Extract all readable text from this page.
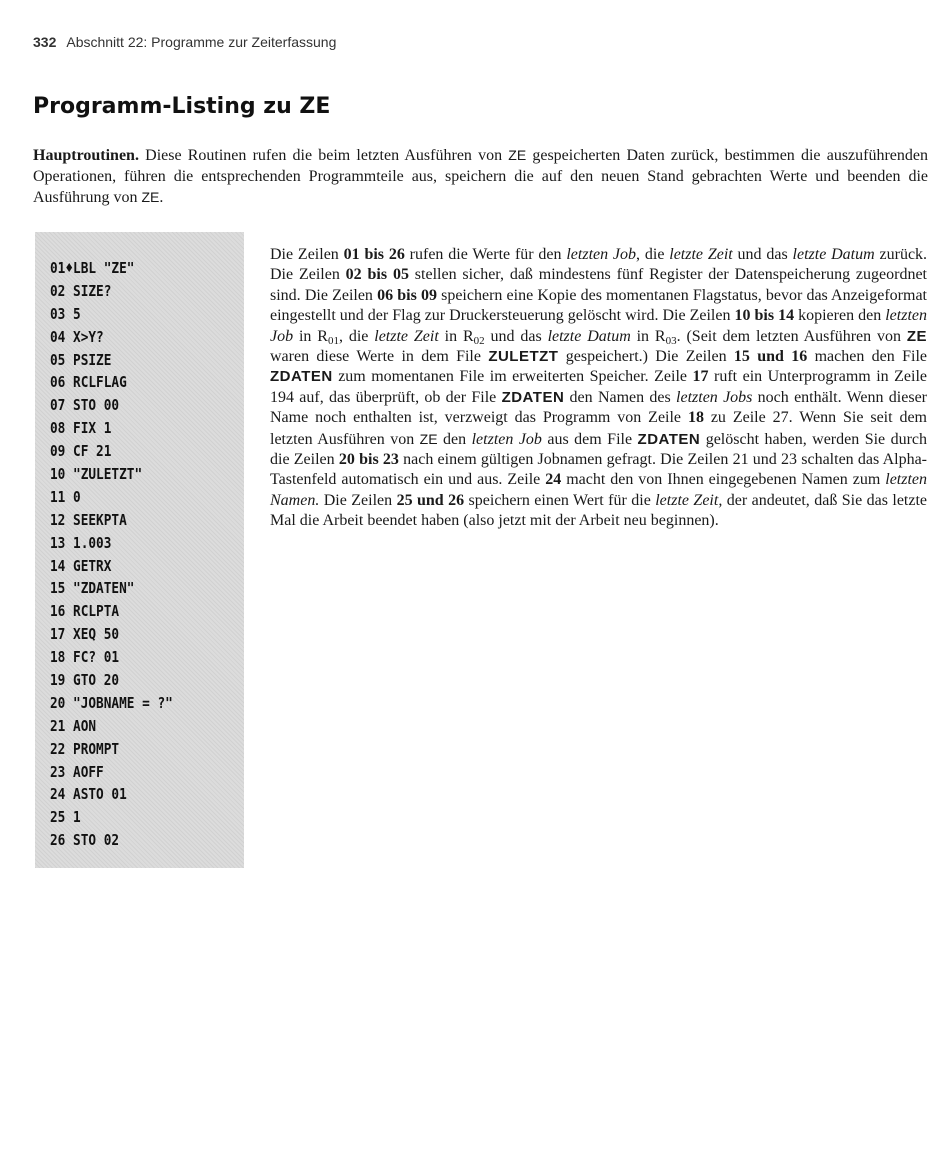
332 Abschnitt 22: Programme zur Zeiterfassung
Programm-Listing zu ZE

Hauptroutinen. Diese Routinen rufen die beim letzten Ausführen von ZE gespeicherten Daten zurück, bestimmen die auszuführenden Operationen, führen die entsprechenden Programmteile aus, speichern die auf den neuen Stand gebrachten Werte und beenden die Ausführung von ZE.

01♦LBL "ZE"
02 SIZE?
03 5
04 X>Y?
05 PSIZE
06 RCLFLAG
07 STO 00
08 FIX 1
09 CF 21
10 "ZULETZT"
11 0
12 SEEKPTA
13 1.003
14 GETRX
15 "ZDATEN"
16 RCLPTA
17 XEQ 50
18 FC? 01
19 GTO 20
20 "JOBNAME = ?"
21 AON
22 PROMPT
23 AOFF
24 ASTO 01
25 1
26 STO 02

Die Zeilen 01 bis 26 rufen die Werte für den letzten Job, die letzte Zeit und das letzte Datum zurück. Die Zeilen 02 bis 05 stellen sicher, daß mindestens fünf Register der Datenspeicherung zugeordnet sind. Die Zeilen 06 bis 09 speichern eine Kopie des momentanen Flagstatus, bevor das Anzeigeformat eingestellt und der Flag zur Druckersteuerung gelöscht wird. Die Zeilen 10 bis 14 kopieren den letzten Job in $R_{01}$, die letzte Zeit in $R_{02}$ und das letzte Datum in $R_{03}$. (Seit dem letzten Ausführen von ZE waren diese Werte in dem File ZULETZT gespeichert.) Die Zeilen 15 und 16 machen den File ZDATEN zum momentanen File im erweiterten Speicher. Zeile 17 ruft ein Unterprogramm in Zeile 194 auf, das überprüft, ob der File ZDATEN den Namen des letzten Jobs noch enthält. Wenn dieser Name noch enthalten ist, verzweigt das Programm von Zeile 18 zu Zeile 27. Wenn Sie seit dem letzten Ausführen von ZE den letzten Job aus dem File ZDATEN gelöscht haben, werden Sie durch die Zeilen 20 bis 23 nach einem gültigen Jobnamen gefragt. Die Zeilen 21 und 23 schalten das Alpha-Tastenfeld automatisch ein und aus. Zeile 24 macht den von Ihnen eingegebenen Namen zum letzten Namen. Die Zeilen 25 und 26 speichern einen Wert für die letzte Zeit, der andeutet, daß Sie das letzte Mal die Arbeit beendet haben (also jetzt mit der Arbeit neu beginnen).
